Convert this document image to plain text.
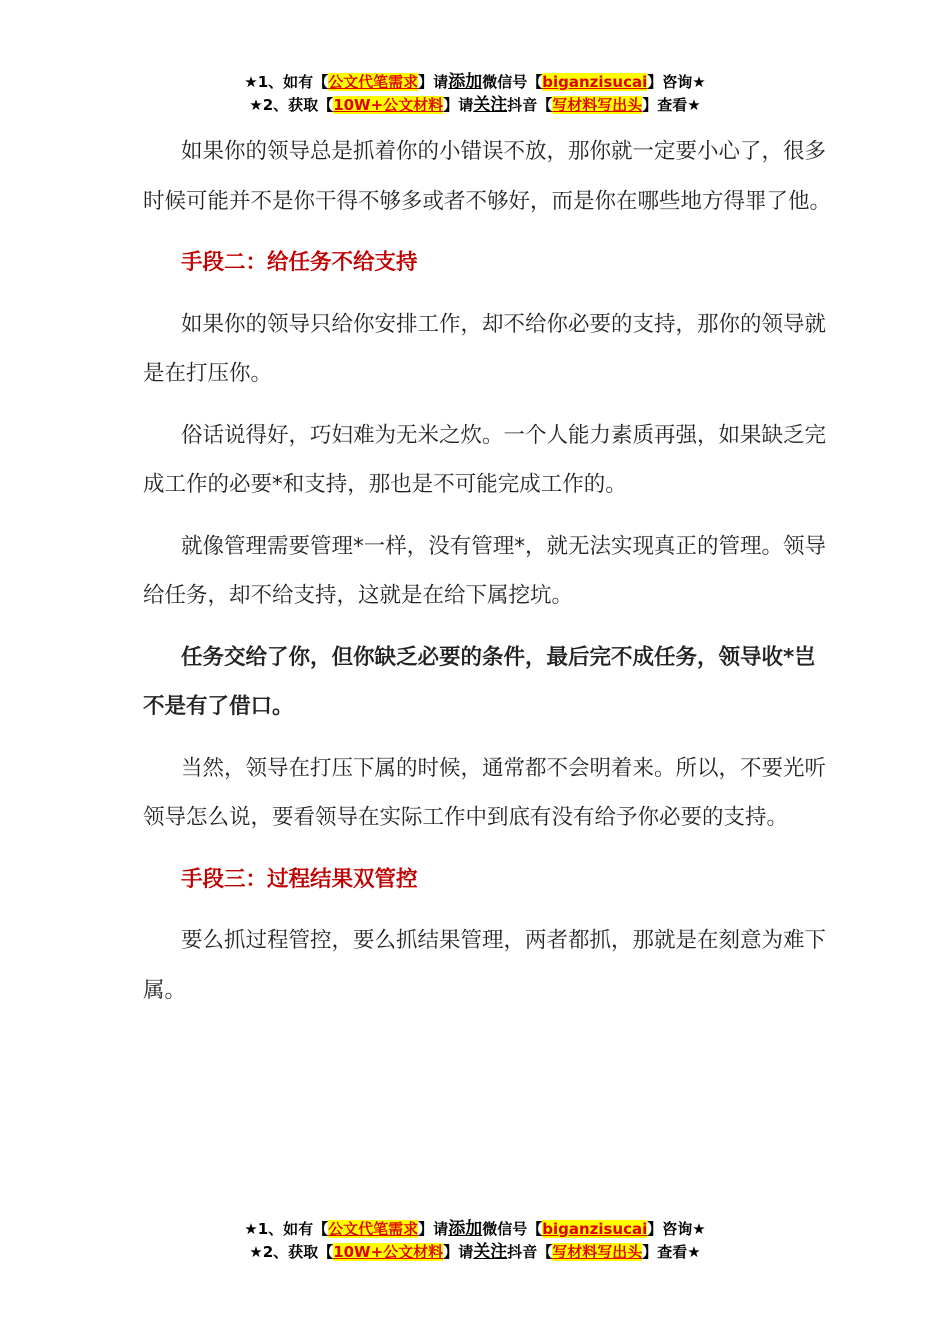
★1、如有【公文代笔需求】请添加微信号【biganzisucai】咨询★
★2、获取【10W+公文材料】请关注抖音【写材料写出头】查看★

如果你的领导总是抓着你的小错误不放，那你就一定要小心了，很多时候可能并不是你干得不够多或者不够好，而是你在哪些地方得罪了他。

手段二：给任务不给支持

如果你的领导只给你安排工作，却不给你必要的支持，那你的领导就是在打压你。

俗话说得好，巧妇难为无米之炊。一个人能力素质再强，如果缺乏完成工作的必要*和支持，那也是不可能完成工作的。

就像管理需要管理*一样，没有管理*，就无法实现真正的管理。领导给任务，却不给支持，这就是在给下属挖坑。

任务交给了你，但你缺乏必要的条件，最后完不成任务，领导收*岂不是有了借口。

当然，领导在打压下属的时候，通常都不会明着来。所以，不要光听领导怎么说，要看领导在实际工作中到底有没有给予你必要的支持。

手段三：过程结果双管控

要么抓过程管控，要么抓结果管理，两者都抓，那就是在刻意为难下属。

★1、如有【公文代笔需求】请添加微信号【biganzisucai】咨询★
★2、获取【10W+公文材料】请关注抖音【写材料写出头】查看★
